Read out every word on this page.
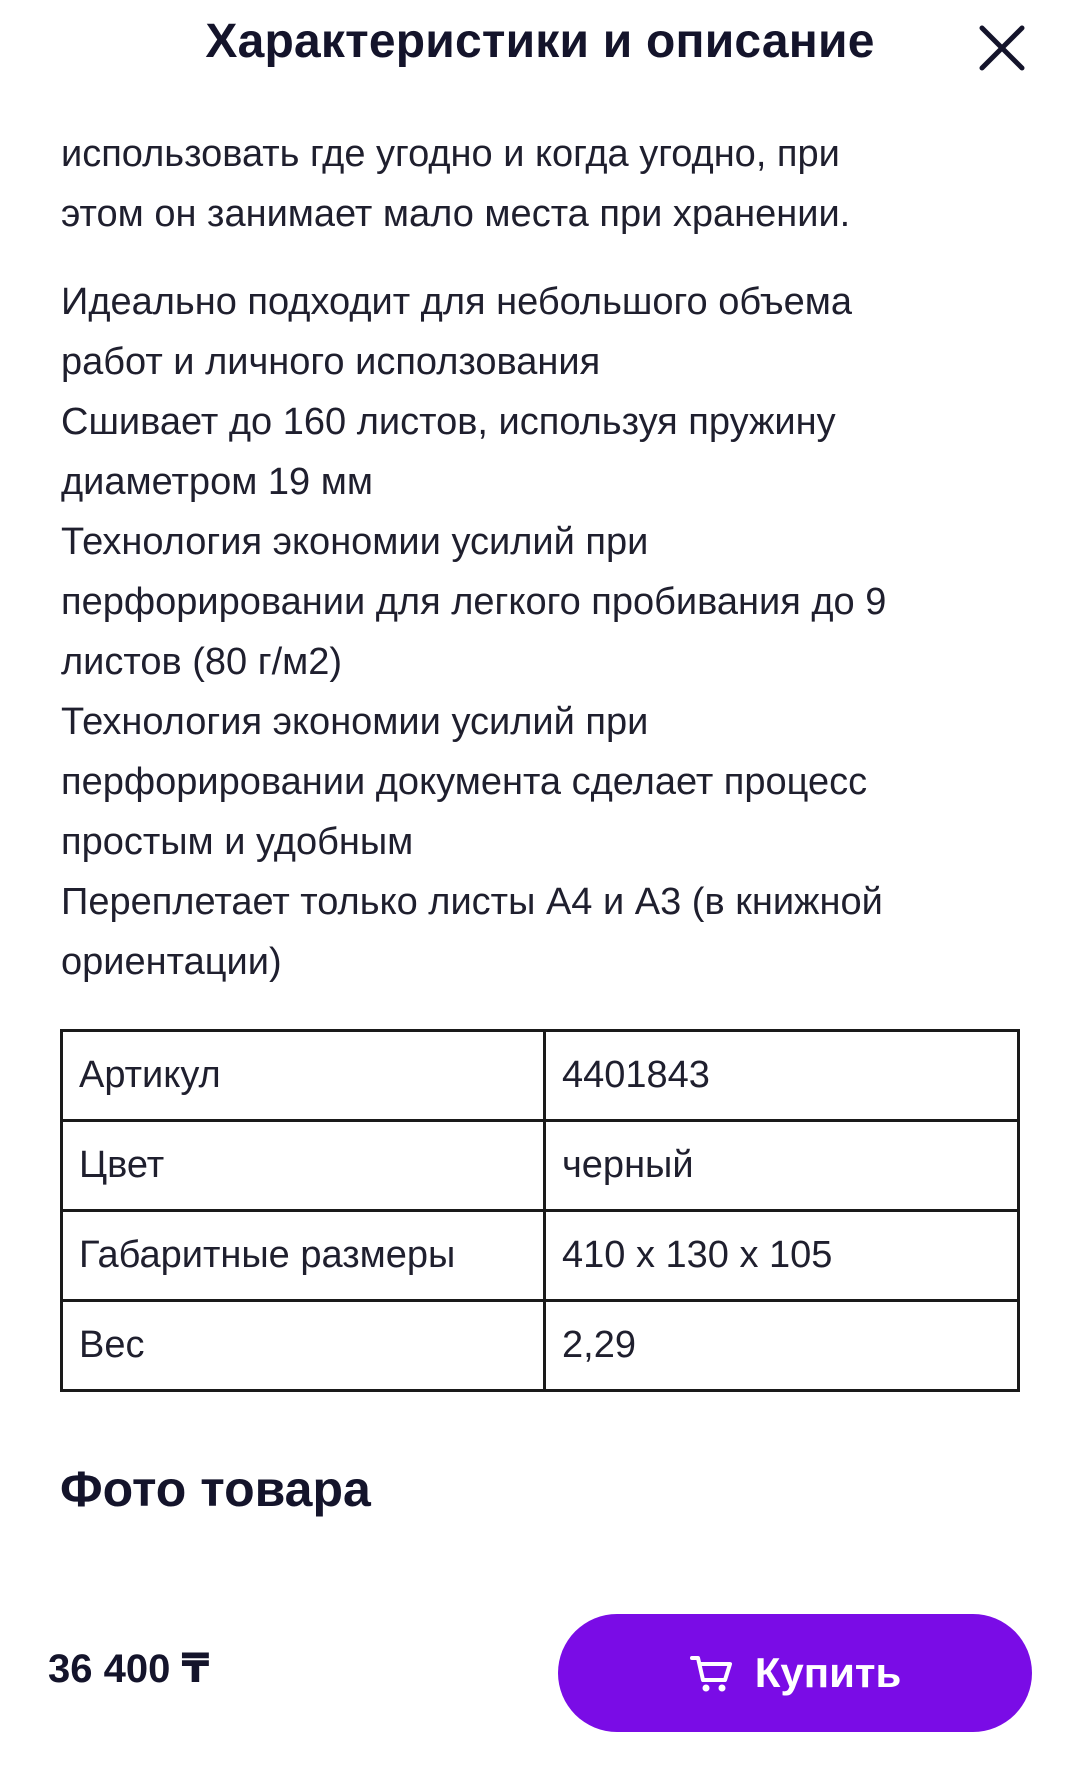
Характеристики и описание

использовать где угодно и когда угодно, при

этом он занимает мало места при хранении.

Идеально подходит для небольшого объема

работ и личного исползования

Сшивает до 160 листов, используя пружину

диаметром 19 мм

Технология экономии усилий при

перфорировании для легкого пробивания до 9

листов (80 г/м2)

Технология экономии усилий при

перфорировании документа сделает процесс

простым и удобным

Переплетает только листы А4 и А3 (в книжной

ориентации)

Артикул	4401843
Цвет	черный
Габаритные размеры	410 х 130 х 105
Вес	2,29
Фото товара
36 400 ₸	Купить
